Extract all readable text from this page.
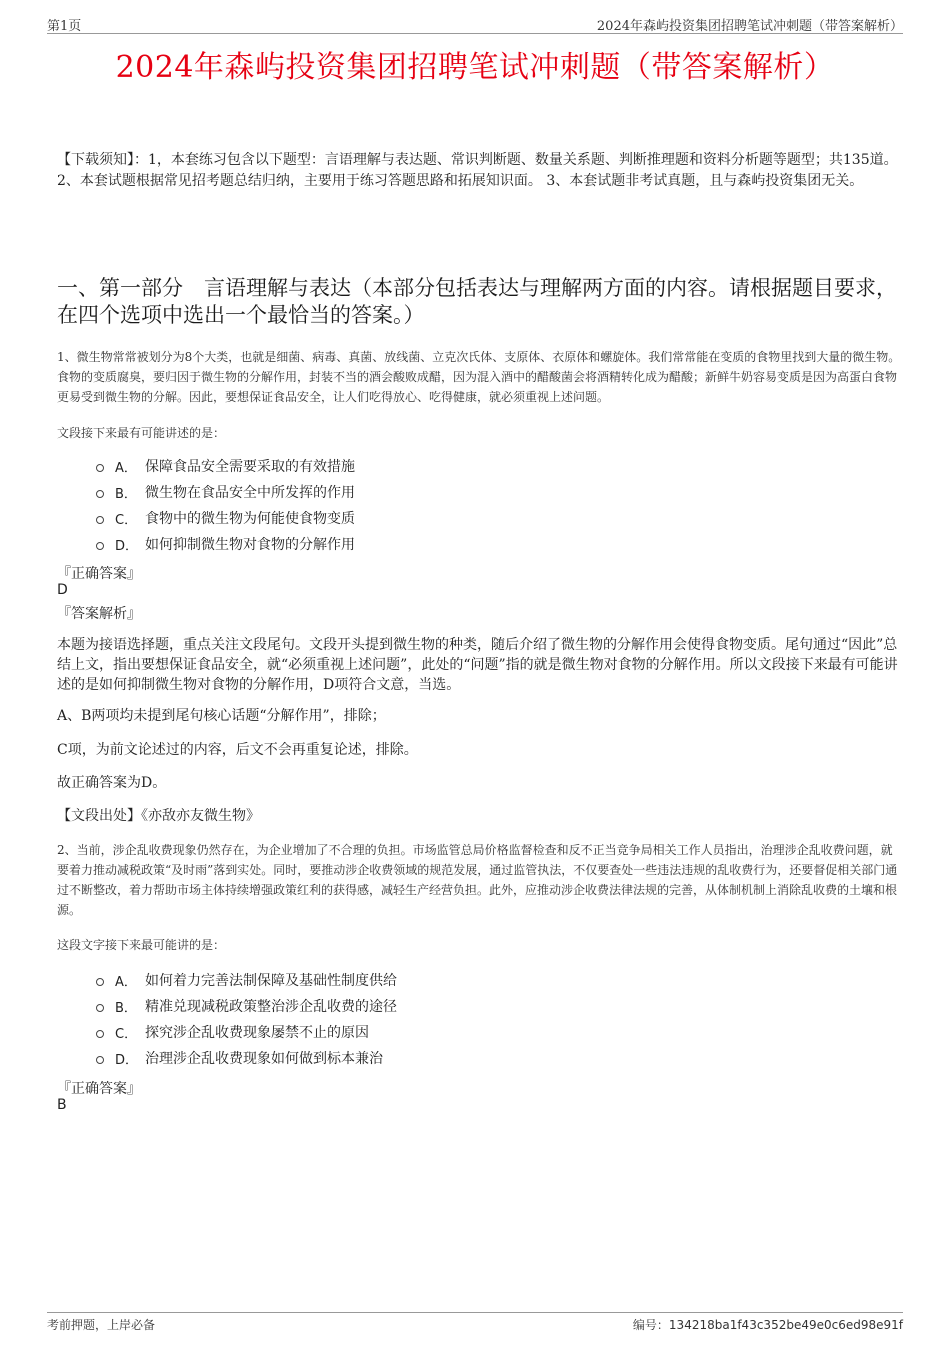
第1页	2024年森屿投资集团招聘笔试冲刺题（带答案解析）
2024年森屿投资集团招聘笔试冲刺题（带答案解析）
【下载须知】：1，本套练习包含以下题型：言语理解与表达题、常识判断题、数量关系题、判断推理题和资料分析题等题型；共135道。 2、本套试题根据常见招考题总结归纳，主要用于练习答题思路和拓展知识面。 3、本套试题非考试真题，且与森屿投资集团无关。
一、第一部分　言语理解与表达（本部分包括表达与理解两方面的内容。请根据题目要求，在四个选项中选出一个最恰当的答案。）
1、微生物常常被划分为8个大类，也就是细菌、病毒、真菌、放线菌、立克次氏体、支原体、衣原体和螺旋体。我们常常能在变质的食物里找到大量的微生物。食物的变质腐臭，要归因于微生物的分解作用，封装不当的酒会酸败成醋，因为混入酒中的醋酸菌会将酒精转化成为醋酸；新鲜牛奶容易变质是因为高蛋白食物更易受到微生物的分解。因此，要想保证食品安全，让人们吃得放心、吃得健康，就必须重视上述问题。
文段接下来最有可能讲述的是：
A． 保障食品安全需要采取的有效措施
B． 微生物在食品安全中所发挥的作用
C． 食物中的微生物为何能使食物变质
D． 如何抑制微生物对食物的分解作用
『正确答案』
D
『答案解析』
本题为接语选择题，重点关注文段尾句。文段开头提到微生物的种类，随后介绍了微生物的分解作用会使得食物变质。尾句通过“因此”总结上文，指出要想保证食品安全，就“必须重视上述问题”，此处的“问题”指的就是微生物对食物的分解作用。所以文段接下来最有可能讲述的是如何抑制微生物对食物的分解作用，D项符合文意，当选。
A、B两项均未提到尾句核心话题“分解作用”，排除；
C项，为前文论述过的内容，后文不会再重复论述，排除。
故正确答案为D。
【文段出处】《亦敌亦友微生物》
2、当前，涉企乱收费现象仍然存在，为企业增加了不合理的负担。市场监管总局价格监督检查和反不正当竞争局相关工作人员指出，治理涉企乱收费问题，就要着力推动减税政策“及时雨”落到实处。同时，要推动涉企收费领域的规范发展，通过监管执法，不仅要查处一些违法违规的乱收费行为，还要督促相关部门通过不断整改，着力帮助市场主体持续增强政策红利的获得感，减轻生产经营负担。此外，应推动涉企收费法律法规的完善，从体制机制上消除乱收费的土壤和根源。
这段文字接下来最可能讲的是：
A． 如何着力完善法制保障及基础性制度供给
B． 精准兑现减税政策整治涉企乱收费的途径
C． 探究涉企乱收费现象屡禁不止的原因
D． 治理涉企乱收费现象如何做到标本兼治
『正确答案』
B
考前押题，上岸必备	编号：134218ba1f43c352be49e0c6ed98e91f
